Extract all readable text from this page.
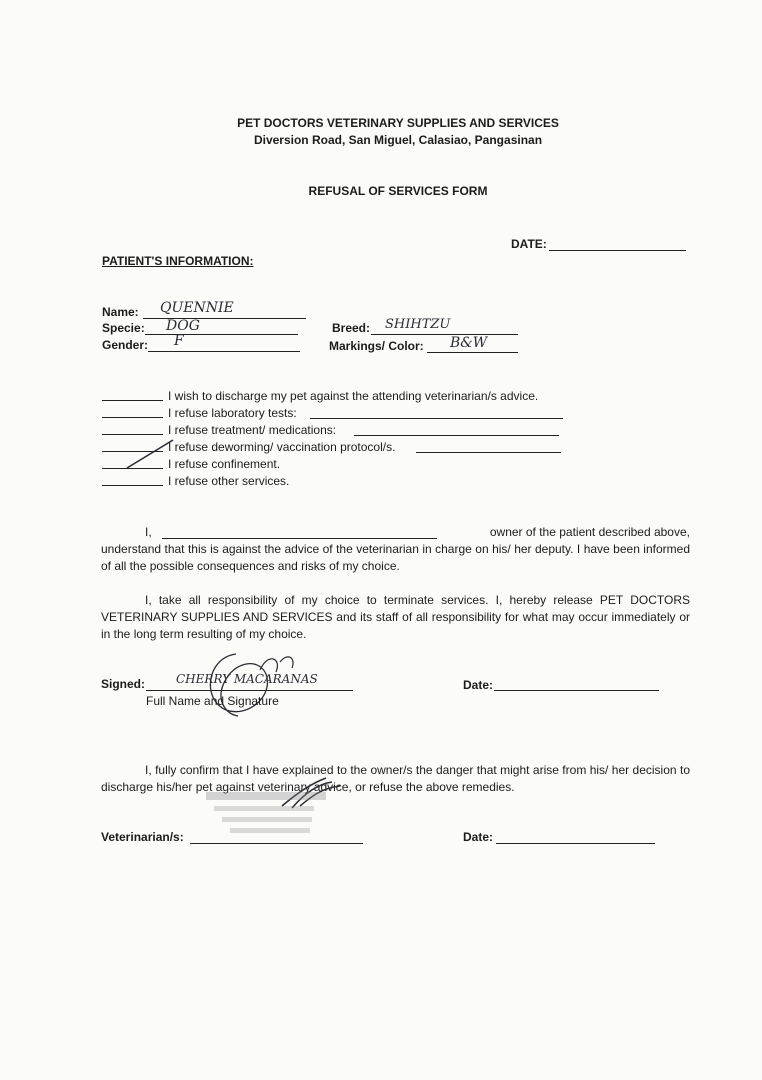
PET DOCTORS VETERINARY SUPPLIES AND SERVICES
Diversion Road, San Miguel, Calasiao, Pangasinan
REFUSAL OF SERVICES FORM
DATE:
PATIENT'S INFORMATION:
Name: QUENNIE
Specie: DOG
Gender: F
Breed: SHIHTZU
Markings/ Color: B&W
I wish to discharge my pet against the attending veterinarian/s advice.
I refuse laboratory tests:
I refuse treatment/ medications:
I refuse deworming/ vaccination protocol/s.
I refuse confinement.
I refuse other services.
I,	owner of the patient described above,
understand that this is against the advice of the veterinarian in charge on his/ her deputy. I have been informed of all the possible consequences and risks of my choice.
I, take all responsibility of my choice to terminate services. I, hereby release PET DOCTORS VETERINARY SUPPLIES AND SERVICES and its staff of all responsibility for what may occur immediately or in the long term resulting of my choice.
Signed:	CHERRY MACARANAS
Full Name and Signature
Date:
I, fully confirm that I have explained to the owner/s the danger that might arise from his/ her decision to discharge his/her pet against veterinary advice, or refuse the above remedies.
Veterinarian/s:	Date:
